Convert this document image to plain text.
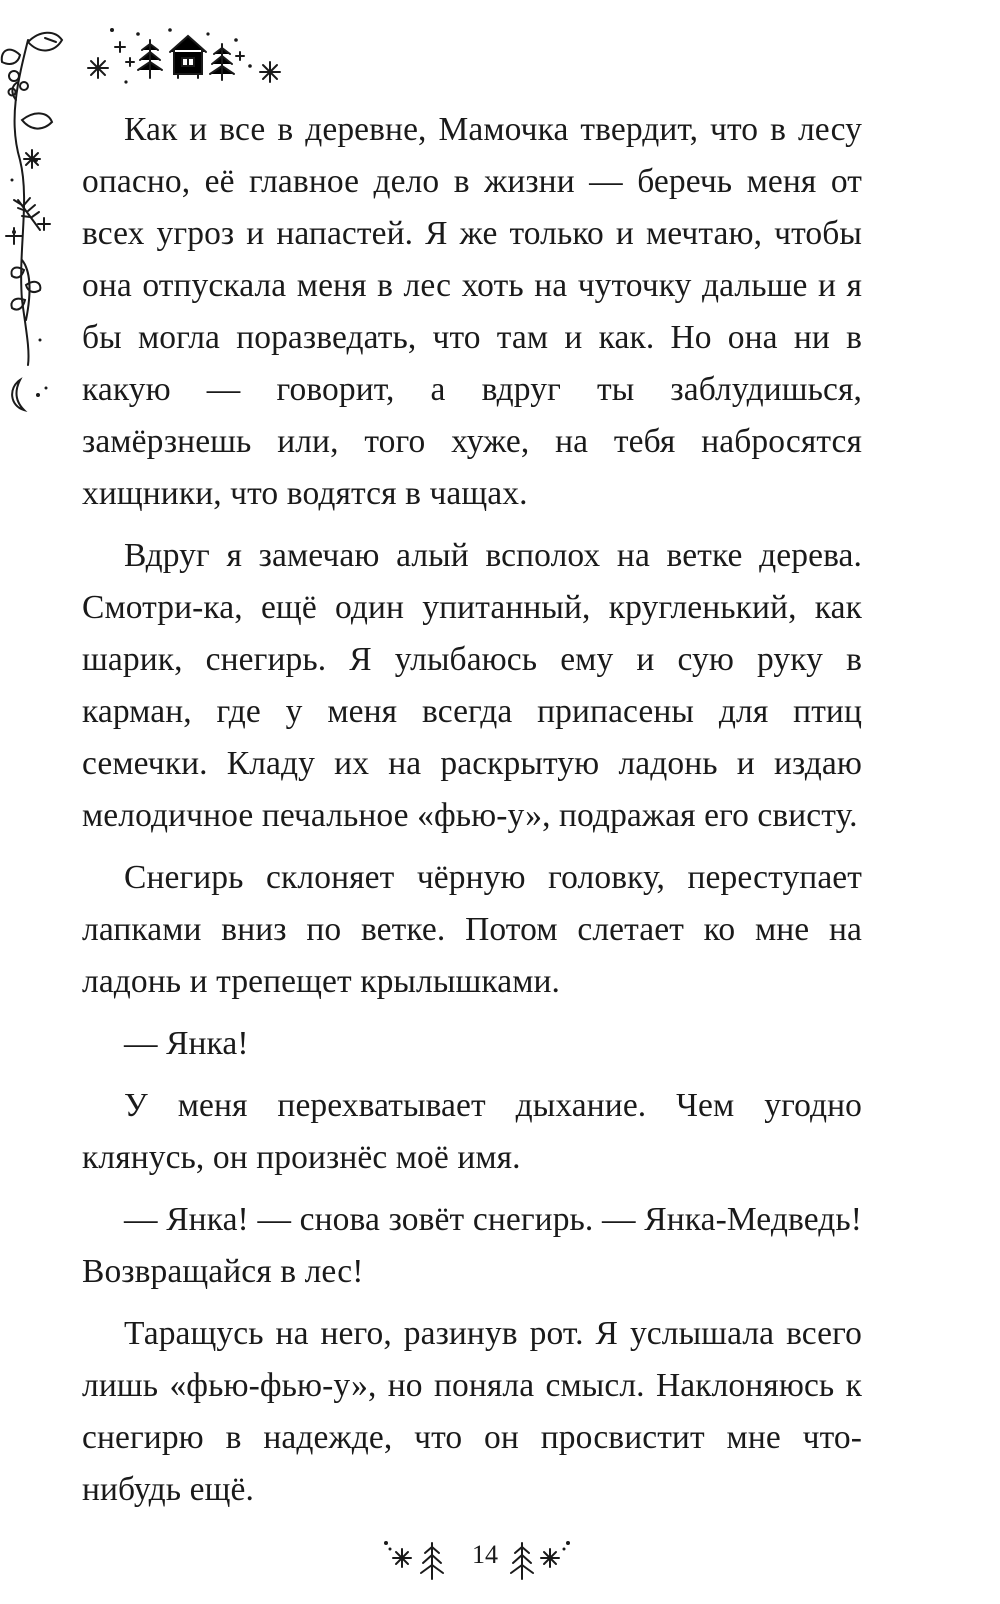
Как и все в деревне, Мамочка твердит, что в лесу опасно, её главное дело в жизни — беречь меня от всех угроз и напастей. Я же только и мечтаю, чтобы она отпускала меня в лес хоть на чуточку дальше и я бы могла поразведать, что там и как. Но она ни в какую — говорит, а вдруг ты заблудишься, замёрзнешь или, того хуже, на тебя набросятся хищники, что водятся в чащах.

Вдруг я замечаю алый всполох на ветке дерева. Смотри-ка, ещё один упитанный, кругленький, как шарик, снегирь. Я улыбаюсь ему и сую руку в карман, где у меня всегда припасены для птиц семечки. Кладу их на раскрытую ладонь и издаю мелодичное печальное «фью-у», подражая его свисту.

Снегирь склоняет чёрную головку, переступает лапками вниз по ветке. Потом слетает ко мне на ладонь и трепещет крылышками.

— Янка!

У меня перехватывает дыхание. Чем угодно клянусь, он произнёс моё имя.

— Янка! — снова зовёт снегирь. — Янка-Медведь! Возвращайся в лес!

Таращусь на него, разинув рот. Я услышала всего лишь «фью-фью-у», но поняла смысл. Наклоняюсь к снегирю в надежде, что он просвистит мне что-нибудь ещё.

14
